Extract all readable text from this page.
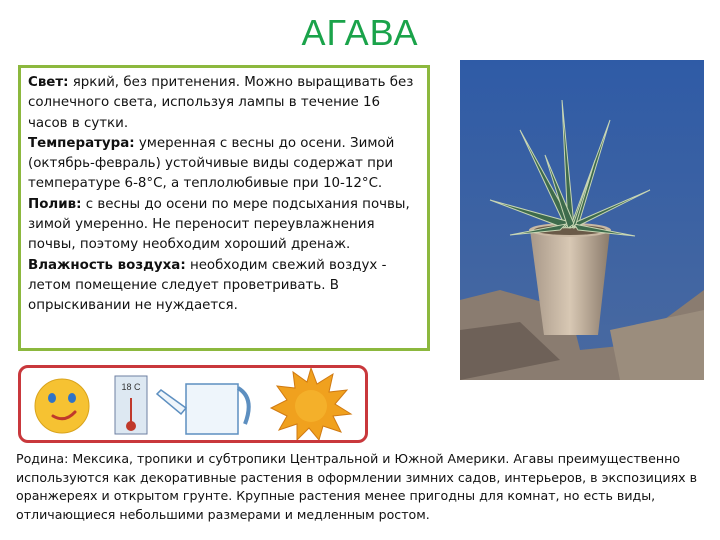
АГАВА

Свет: яркий, без притенения. Можно выращивать без солнечного света, используя лампы в течение 16 часов в сутки.

Температура: умеренная с весны до осени. Зимой (октябрь-февраль) устойчивые виды содержат при температуре 6-8°С, а теплолюбивые при 10-12°С.

Полив: с весны до осени по мере подсыхания почвы, зимой умеренно. Не переносит переувлажнения почвы, поэтому необходим хороший дренаж.

Влажность воздуха: необходим свежий воздух - летом помещение следует проветривать. В опрыскивании не нуждается.

18 С

Родина: Мексика, тропики и субтропики Центральной и Южной Америки. Агавы преимущественно используются как декоративные растения в оформлении зимних садов, интерьеров, в экспозициях в оранжереях и открытом грунте. Крупные растения менее пригодны для комнат, но есть виды, отличающиеся небольшими размерами и медленным ростом.
